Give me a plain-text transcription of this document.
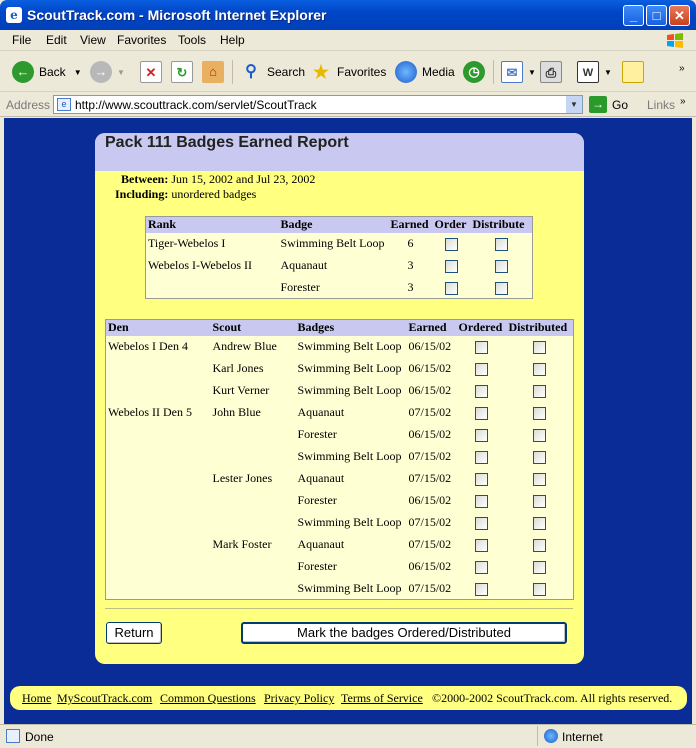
e ScoutTrack.com - Microsoft Internet Explorer	_	□	✕
File Edit View Favorites Tools Help
← Back ▼ →	▼	✕	↻	⌂	⚲ Search ★ Favorites	Media	◷	✉	▼ ⎙	W	▼	»
Address	e http://www.scouttrack.com/servlet/ScoutTrack	▼	→ Go Links »
Pack 111 Badges Earned Report
Between: Jun 15, 2002 and Jul 23, 2002
Including: unordered badges
Rank	Badge	Earned	Order	Distribute
Tiger-Webelos I	Swimming Belt Loop	6		
Webelos I-Webelos II	Aquanaut	3		
	Forester	3		
Den	Scout	Badges	Earned	Ordered	Distributed
Webelos I Den 4	Andrew Blue	Swimming Belt Loop	06/15/02		
	Karl Jones	Swimming Belt Loop	06/15/02		
	Kurt Verner	Swimming Belt Loop	06/15/02		
Webelos II Den 5	John Blue	Aquanaut	07/15/02		
		Forester	06/15/02		
		Swimming Belt Loop	07/15/02		
	Lester Jones	Aquanaut	07/15/02		
		Forester	06/15/02		
		Swimming Belt Loop	07/15/02		
	Mark Foster	Aquanaut	07/15/02		
		Forester	06/15/02		
		Swimming Belt Loop	07/15/02		
Return	Mark the badges Ordered/Distributed
Home MyScoutTrack.com Common Questions Privacy Policy Terms of Service ©2000-2002 ScoutTrack.com. All rights reserved.
Done	Internet
